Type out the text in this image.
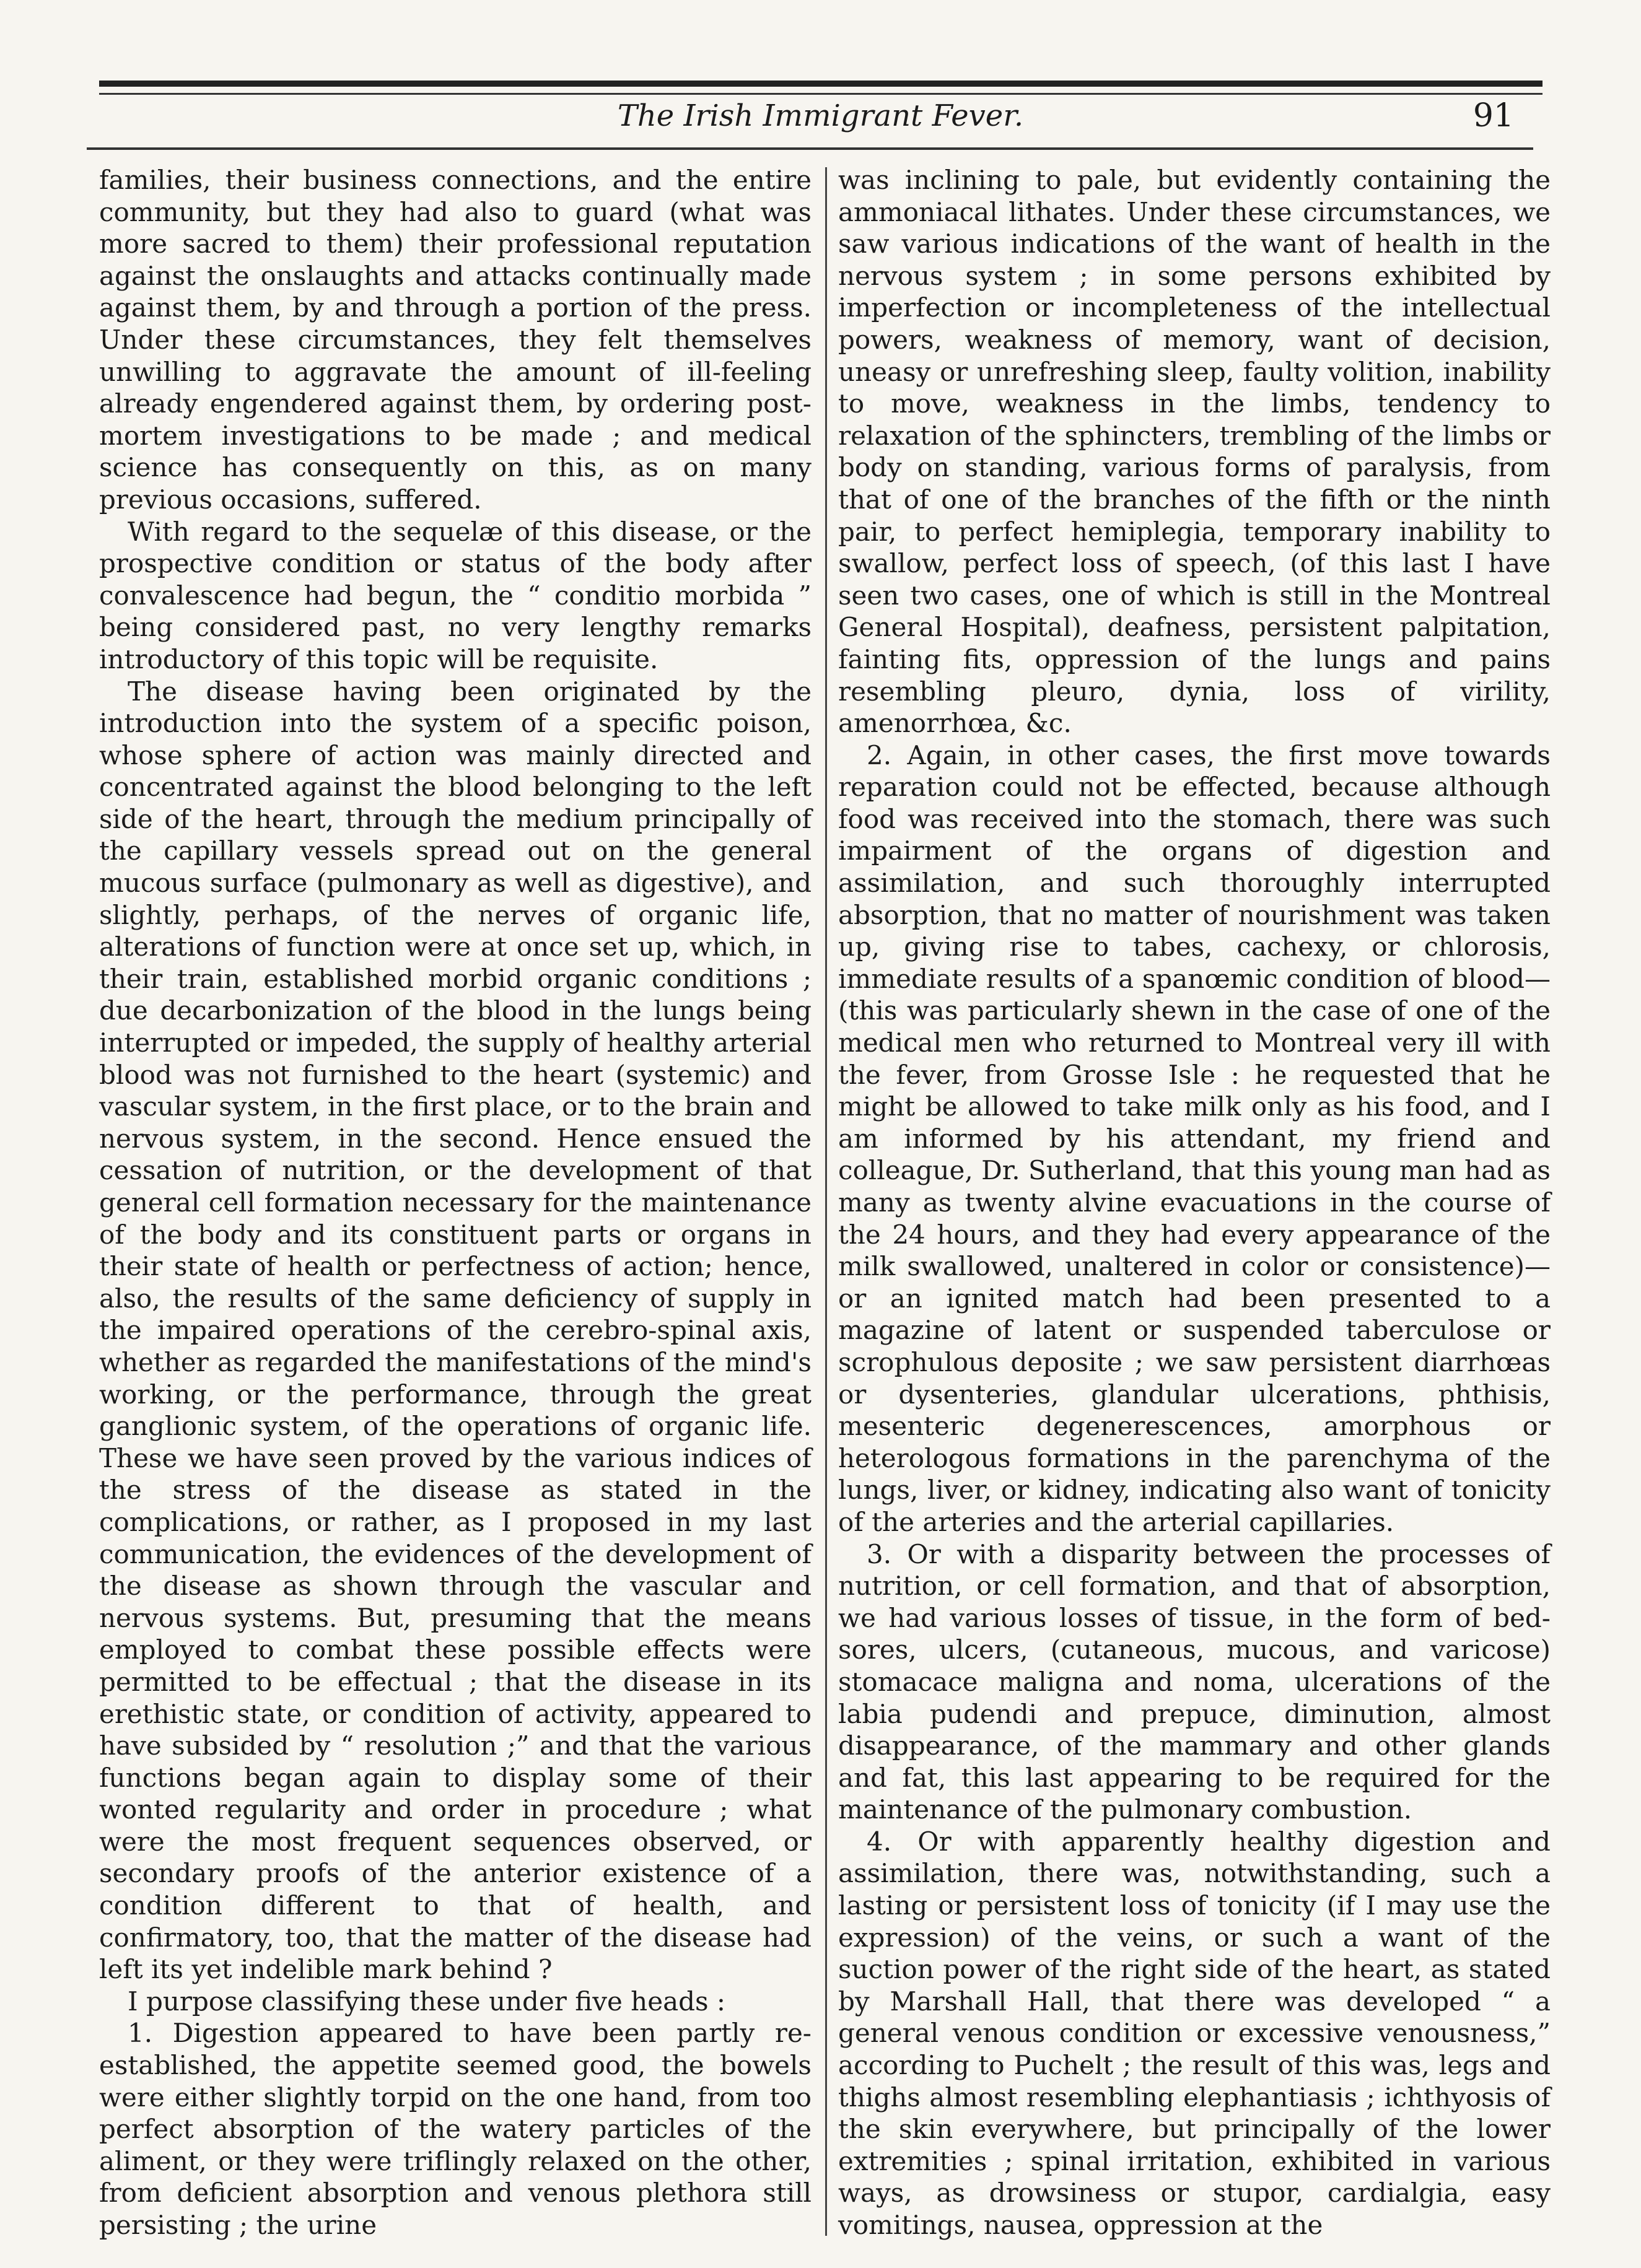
The Irish Immigrant Fever.	91

families, their business connections, and the entire community, but they had also to guard (what was more sacred to them) their professional reputation against the onslaughts and attacks continually made against them, by and through a portion of the press. Under these circumstances, they felt themselves unwilling to aggravate the amount of ill-feeling already engendered against them, by ordering post-mortem investigations to be made ; and medical science has consequently on this, as on many previous occasions, suffered.

With regard to the sequelæ of this disease, or the prospective condition or status of the body after convalescence had begun, the “ conditio morbida ” being considered past, no very lengthy remarks introductory of this topic will be requisite.

The disease having been originated by the introduction into the system of a specific poison, whose sphere of action was mainly directed and concentrated against the blood belonging to the left side of the heart, through the medium principally of the capillary vessels spread out on the general mucous surface (pulmonary as well as digestive), and slightly, perhaps, of the nerves of organic life, alterations of function were at once set up, which, in their train, established morbid organic conditions ; due decarbonization of the blood in the lungs being interrupted or impeded, the supply of healthy arterial blood was not furnished to the heart (systemic) and vascular system, in the first place, or to the brain and nervous system, in the second. Hence ensued the cessation of nutrition, or the development of that general cell formation necessary for the maintenance of the body and its constituent parts or organs in their state of health or perfectness of action; hence, also, the results of the same deficiency of supply in the impaired operations of the cerebro-spinal axis, whether as regarded the manifestations of the mind's working, or the performance, through the great ganglionic system, of the operations of organic life. These we have seen proved by the various indices of the stress of the disease as stated in the complications, or rather, as I proposed in my last communication, the evidences of the development of the disease as shown through the vascular and nervous systems. But, presuming that the means employed to combat these possible effects were permitted to be effectual ; that the disease in its erethistic state, or condition of activity, appeared to have subsided by “ resolution ;” and that the various functions began again to display some of their wonted regularity and order in procedure ; what were the most frequent sequences observed, or secondary proofs of the anterior existence of a condition different to that of health, and confirmatory, too, that the matter of the disease had left its yet indelible mark behind ?

I purpose classifying these under five heads :

1. Digestion appeared to have been partly re-established, the appetite seemed good, the bowels were either slightly torpid on the one hand, from too perfect absorption of the watery particles of the aliment, or they were triflingly relaxed on the other, from deficient absorption and venous plethora still persisting ; the urine

was inclining to pale, but evidently containing the ammoniacal lithates. Under these circumstances, we saw various indications of the want of health in the nervous system ; in some persons exhibited by imperfection or incompleteness of the intellectual powers, weakness of memory, want of decision, uneasy or unrefreshing sleep, faulty volition, inability to move, weakness in the limbs, tendency to relaxation of the sphincters, trembling of the limbs or body on standing, various forms of paralysis, from that of one of the branches of the fifth or the ninth pair, to perfect hemiplegia, temporary inability to swallow, perfect loss of speech, (of this last I have seen two cases, one of which is still in the Montreal General Hospital), deafness, persistent palpitation, fainting fits, oppression of the lungs and pains resembling pleuro, dynia, loss of virility, amenorrhœa, &c.

2. Again, in other cases, the first move towards reparation could not be effected, because although food was received into the stomach, there was such impairment of the organs of digestion and assimilation, and such thoroughly interrupted absorption, that no matter of nourishment was taken up, giving rise to tabes, cachexy, or chlorosis, immediate results of a spanœmic condition of blood—(this was particularly shewn in the case of one of the medical men who returned to Montreal very ill with the fever, from Grosse Isle : he requested that he might be allowed to take milk only as his food, and I am informed by his attendant, my friend and colleague, Dr. Sutherland, that this young man had as many as twenty alvine evacuations in the course of the 24 hours, and they had every appearance of the milk swallowed, unaltered in color or consistence)—or an ignited match had been presented to a magazine of latent or suspended taberculose or scrophulous deposite ; we saw persistent diarrhœas or dysenteries, glandular ulcerations, phthisis, mesenteric degenerescences, amorphous or heterologous formations in the parenchyma of the lungs, liver, or kidney, indicating also want of tonicity of the arteries and the arterial capillaries.

3. Or with a disparity between the processes of nutrition, or cell formation, and that of absorption, we had various losses of tissue, in the form of bed-sores, ulcers, (cutaneous, mucous, and varicose) stomacace maligna and noma, ulcerations of the labia pudendi and prepuce, diminution, almost disappearance, of the mammary and other glands and fat, this last appearing to be required for the maintenance of the pulmonary combustion.

4. Or with apparently healthy digestion and assimilation, there was, notwithstanding, such a lasting or persistent loss of tonicity (if I may use the expression) of the veins, or such a want of the suction power of the right side of the heart, as stated by Marshall Hall, that there was developed “ a general venous condition or excessive venousness,” according to Puchelt ; the result of this was, legs and thighs almost resembling elephantiasis ; ichthyosis of the skin everywhere, but principally of the lower extremities ; spinal irritation, exhibited in various ways, as drowsiness or stupor, cardialgia, easy vomitings, nausea, oppression at the
